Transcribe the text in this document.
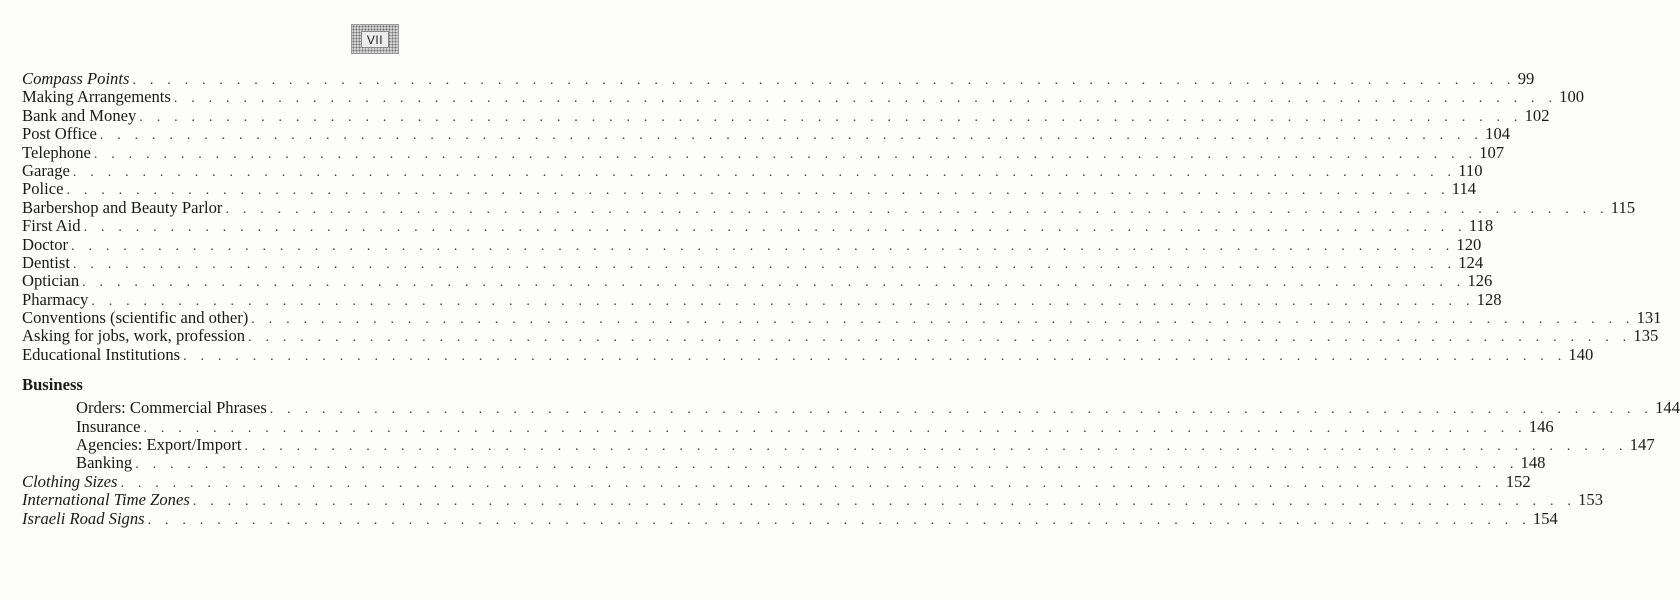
VII
Compass Points . . . . . . . . . . . . . . . . . . . . . . . . . . . . . . . . . . . . . . . . . . . . . . . . . . . . . . . . . . . . . . . . . . . . . . . . . . . . . . . . 99
Making Arrangements . . . . . . . . . . . . . . . . . . . . . . . . . . . . . . . . . . . . . . . . . . . . . . . . . . . . . . . . . . . . . . . . . . . . . . . . . . . . . . . . 100
Bank and Money . . . . . . . . . . . . . . . . . . . . . . . . . . . . . . . . . . . . . . . . . . . . . . . . . . . . . . . . . . . . . . . . . . . . . . . . . . . . . . . . 102
Post Office . . . . . . . . . . . . . . . . . . . . . . . . . . . . . . . . . . . . . . . . . . . . . . . . . . . . . . . . . . . . . . . . . . . . . . . . . . . . . . . . 104
Telephone . . . . . . . . . . . . . . . . . . . . . . . . . . . . . . . . . . . . . . . . . . . . . . . . . . . . . . . . . . . . . . . . . . . . . . . . . . . . . . . . 107
Garage . . . . . . . . . . . . . . . . . . . . . . . . . . . . . . . . . . . . . . . . . . . . . . . . . . . . . . . . . . . . . . . . . . . . . . . . . . . . . . . . 110
Police . . . . . . . . . . . . . . . . . . . . . . . . . . . . . . . . . . . . . . . . . . . . . . . . . . . . . . . . . . . . . . . . . . . . . . . . . . . . . . . . 114
Barbershop and Beauty Parlor . . . . . . . . . . . . . . . . . . . . . . . . . . . . . . . . . . . . . . . . . . . . . . . . . . . . . . . . . . . . . . . . . . . . . . . . . . . . . . . . 115
First Aid . . . . . . . . . . . . . . . . . . . . . . . . . . . . . . . . . . . . . . . . . . . . . . . . . . . . . . . . . . . . . . . . . . . . . . . . . . . . . . . . 118
Doctor . . . . . . . . . . . . . . . . . . . . . . . . . . . . . . . . . . . . . . . . . . . . . . . . . . . . . . . . . . . . . . . . . . . . . . . . . . . . . . . . 120
Dentist . . . . . . . . . . . . . . . . . . . . . . . . . . . . . . . . . . . . . . . . . . . . . . . . . . . . . . . . . . . . . . . . . . . . . . . . . . . . . . . . 124
Optician . . . . . . . . . . . . . . . . . . . . . . . . . . . . . . . . . . . . . . . . . . . . . . . . . . . . . . . . . . . . . . . . . . . . . . . . . . . . . . . . 126
Pharmacy . . . . . . . . . . . . . . . . . . . . . . . . . . . . . . . . . . . . . . . . . . . . . . . . . . . . . . . . . . . . . . . . . . . . . . . . . . . . . . . . 128
Conventions (scientific and other) . . . . . . . . . . . . . . . . . . . . . . . . . . . . . . . . . . . . . . . . . . . . . . . . . . . . . . . . . . . . . . . . . . . . . . . . . . . . . . . . 131
Asking for jobs, work, profession . . . . . . . . . . . . . . . . . . . . . . . . . . . . . . . . . . . . . . . . . . . . . . . . . . . . . . . . . . . . . . . . . . . . . . . . . . . . . . . . 135
Educational Institutions . . . . . . . . . . . . . . . . . . . . . . . . . . . . . . . . . . . . . . . . . . . . . . . . . . . . . . . . . . . . . . . . . . . . . . . . . . . . . . . . 140
Business
Orders: Commercial Phrases . . . . . . . . . . . . . . . . . . . . . . . . . . . . . . . . . . . . . . . . . . . . . . . . . . . . . . . . . . . . . . . . . . . . . . . . . . . . . . . . 144
Insurance . . . . . . . . . . . . . . . . . . . . . . . . . . . . . . . . . . . . . . . . . . . . . . . . . . . . . . . . . . . . . . . . . . . . . . . . . . . . . . . . 146
Agencies: Export/Import . . . . . . . . . . . . . . . . . . . . . . . . . . . . . . . . . . . . . . . . . . . . . . . . . . . . . . . . . . . . . . . . . . . . . . . . . . . . . . . . 147
Banking . . . . . . . . . . . . . . . . . . . . . . . . . . . . . . . . . . . . . . . . . . . . . . . . . . . . . . . . . . . . . . . . . . . . . . . . . . . . . . . . 148
Clothing Sizes . . . . . . . . . . . . . . . . . . . . . . . . . . . . . . . . . . . . . . . . . . . . . . . . . . . . . . . . . . . . . . . . . . . . . . . . . . . . . . . . 152
International Time Zones . . . . . . . . . . . . . . . . . . . . . . . . . . . . . . . . . . . . . . . . . . . . . . . . . . . . . . . . . . . . . . . . . . . . . . . . . . . . . . . . 153
Israeli Road Signs . . . . . . . . . . . . . . . . . . . . . . . . . . . . . . . . . . . . . . . . . . . . . . . . . . . . . . . . . . . . . . . . . . . . . . . . . . . . . . . . 154
